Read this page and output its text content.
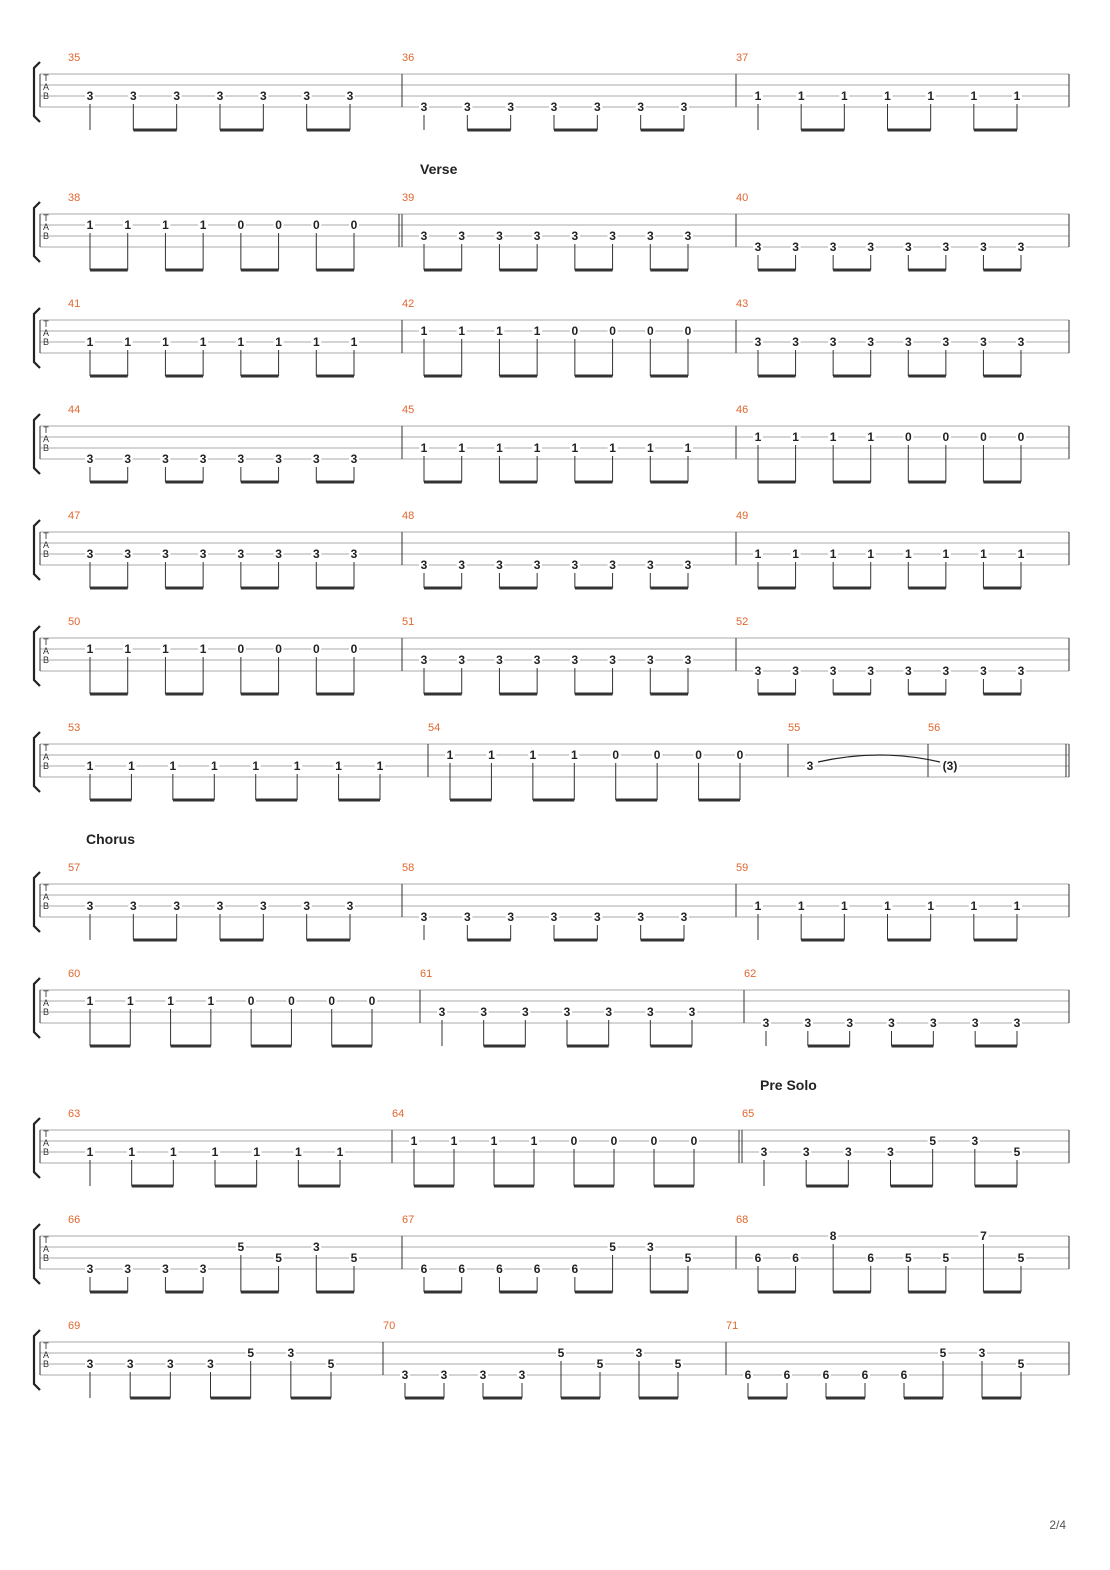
T
A
B
35
3	3	3	3	3	3	3
36
3	3	3	3	3	3	3
37
1	1	1	1	1	1	1
T
A
B
38
1	1	1	1	0	0	0	0
39
3	3	3	3	3	3	3	3
40
3	3	3	3	3	3	3	3
Verse
T
A
B
41
1	1	1	1	1	1	1	1
42
1	1	1	1	0	0	0	0
43
3	3	3	3	3	3	3	3
T
A
B
44
3	3	3	3	3	3	3	3
45
1	1	1	1	1	1	1	1
46
1	1	1	1	0	0	0	0
T
A
B
47
3	3	3	3	3	3	3	3
48
3	3	3	3	3	3	3	3
49
1	1	1	1	1	1	1	1
T
A
B
50
1	1	1	1	0	0	0	0
51
3	3	3	3	3	3	3	3
52
3	3	3	3	3	3	3	3
T
A
B
53
1	1	1	1	1	1	1	1
54
1	1	1	1	0	0	0	0
55
3
56
(3)
T
A
B
57
3	3	3	3	3	3	3
58
3	3	3	3	3	3	3
59
1	1	1	1	1	1	1
Chorus
T
A
B
60
1	1	1	1	0	0	0	0
61
3	3	3	3	3	3	3
62
3	3	3	3	3	3	3
T
A
B
63
1	1	1	1	1	1	1
64
1	1	1	1	0	0	0	0
65
3	3	3	3
5	3
5
Pre Solo
T
A
B
66
3	3	3	3
5
5
3
5
67
6	6	6	6	6
5	3
5
68
6	6
8
6	5	5
7
5
T
A
B
69
3	3	3	3
5	3
5
70
3	3	3	3
5
5
3
5
71
6	6	6	6	6
5	3
5
2/4
